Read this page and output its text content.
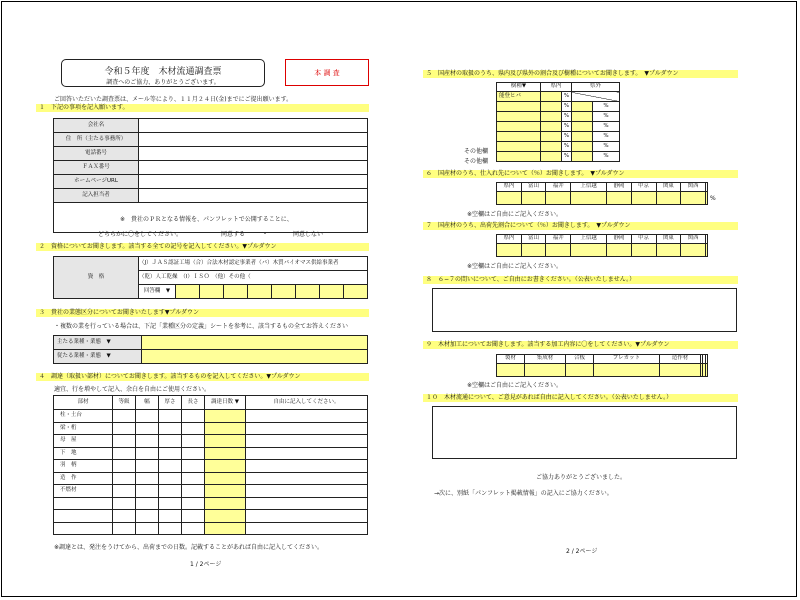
令和５年度　木材流通調査票
調査へのご協力、ありがとうございます。
本 調 査
ご回答いただいた調査票は、メール等により、１１月２４日(金)までにご提出願います。
１　下記の事項を記入願います。
会社名	
住　所（主たる事務所）	
電話番号	
ＦＡＸ番号	
ホームページURL	
記入担当者	

※　貴社のＰＲとなる情報を、パンフレットで公開することに、
どちらかに〇をしてください。	同意する	・	同意しない
２　資格についてお聞きします。該当する全ての記号を記入してください。▼プルダウン
資　格	（J）ＪＡＳ認証工場（合）合法木材認定事業者（バ）木質バイオマス供給事業者								
	（乾）人工乾燥　（I）ＩＳＯ　（他）その他（								
	回答欄　▼								
３　貴社の業態区分についてお聞きいたします▼プルダウン
・複数の業を行っている場合は、下記「業種区分の定義」シートを参考に、該当するもの全てお答えください
主たる業種・業態　▼	
従たる業種・業態　▼	
４　調達（取扱い部材）についてお聞きします。該当するものを記入してください。▼プルダウン
適宜、行を増やして記入、余白を自由にご使用ください。
部材	等級	幅	厚さ	長さ	調達日数 ▼	自由に記入してください。
柱・土台						
梁・桁						
母　屋						
下　地						
羽　柄						
造　作						
不燃材						

※調達とは、発注をうけてから、出荷までの日数。記載することがあれば自由に記入してください。
1 / 2ページ
５　国産材の取扱のうち、県内及び県外の割合及び樹種についてお聞きします。　▼プルダウン
樹種▼	県内		県外	
能登ヒバ		%		
		%		%
		%		%
		%		%
		%		%
		%		%
		%		%
その他欄
その他欄
６　国産材のうち、仕入れ先について（％）お聞きします。　▼プルダウン
県内	富山	福井	上信越	静岡	中京	関東	関西	

%
※空欄はご自由にご記入ください。
７　国産材のうち、出荷先割合について（％）お聞きします。　▼プルダウン
県内	富山	福井	上信越	静岡	中京	関東	関西	

※空欄はご自由にご記入ください。
８　６−７の問いについて、ご自由にお書きください。（公表いたしません。）
９　木材加工についてお聞きします。該当する加工内容に〇をしてください。▼プルダウン
製材	集成材	合板	プレカット	造作材			

※空欄はご自由にご記入ください。
１０　木材流通について、ご意見があれば自由に記入してください。（公表いたしません。）
ご協力ありがとうございました。
→次に、別紙「パンフレット掲載情報」の記入にご協力ください。
2 / 2ページ
